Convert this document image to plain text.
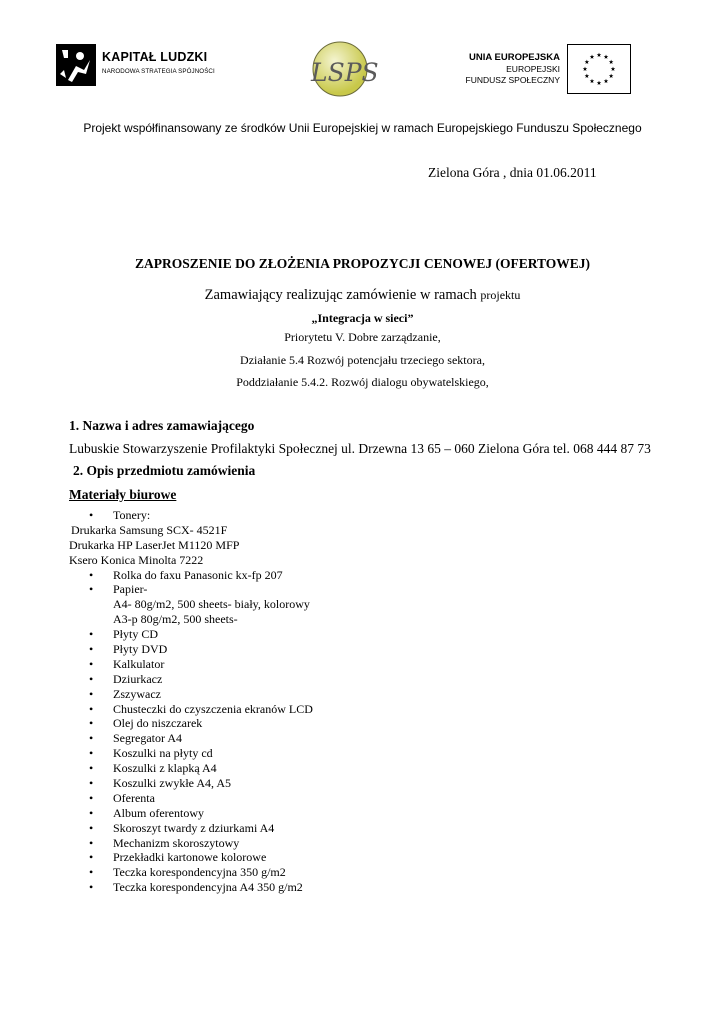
KAPITAŁ LUDZKI
NARODOWA STRATEGIA SPÓJNOŚCI	LSPS
UNIA EUROPEJSKA
EUROPEJSKI
FUNDUSZ SPOŁECZNY
Projekt współfinansowany ze środków Unii Europejskiej w ramach Europejskiego Funduszu Społecznego
Zielona Góra , dnia 01.06.2011
ZAPROSZENIE DO ZŁOŻENIA PROPOZYCJI CENOWEJ (OFERTOWEJ)
Zamawiający realizując zamówienie w ramach projektu
„Integracja w sieci”
Priorytetu V. Dobre zarządzanie,
Działanie 5.4 Rozwój potencjału trzeciego sektora,
Poddziałanie 5.4.2. Rozwój dialogu obywatelskiego,
1. Nazwa i adres zamawiającego
Lubuskie Stowarzyszenie Profilaktyki Społecznej ul. Drzewna 13 65 – 060 Zielona Góra tel. 068 444 87 73
2. Opis przedmiotu zamówienia
Materiały biurowe
•	Tonery:
Drukarka Samsung SCX- 4521F
Drukarka HP LaserJet M1120 MFP
Ksero Konica Minolta 7222
•	Rolka do faxu Panasonic kx-fp 207
•	Papier-
A4- 80g/m2, 500 sheets- biały, kolorowy
A3-p 80g/m2, 500 sheets-
•	Płyty CD
•	Płyty DVD
•	Kalkulator
•	Dziurkacz
•	Zszywacz
•	Chusteczki do czyszczenia ekranów LCD
•	Olej do niszczarek
•	Segregator A4
•	Koszulki na płyty cd
•	Koszulki z klapką A4
•	Koszulki zwykłe A4, A5
•	Oferenta
•	Album oferentowy
•	Skoroszyt twardy z dziurkami A4
•	Mechanizm skoroszytowy
•	Przekładki kartonowe kolorowe
•	Teczka korespondencyjna 350 g/m2
•	Teczka korespondencyjna A4 350 g/m2
